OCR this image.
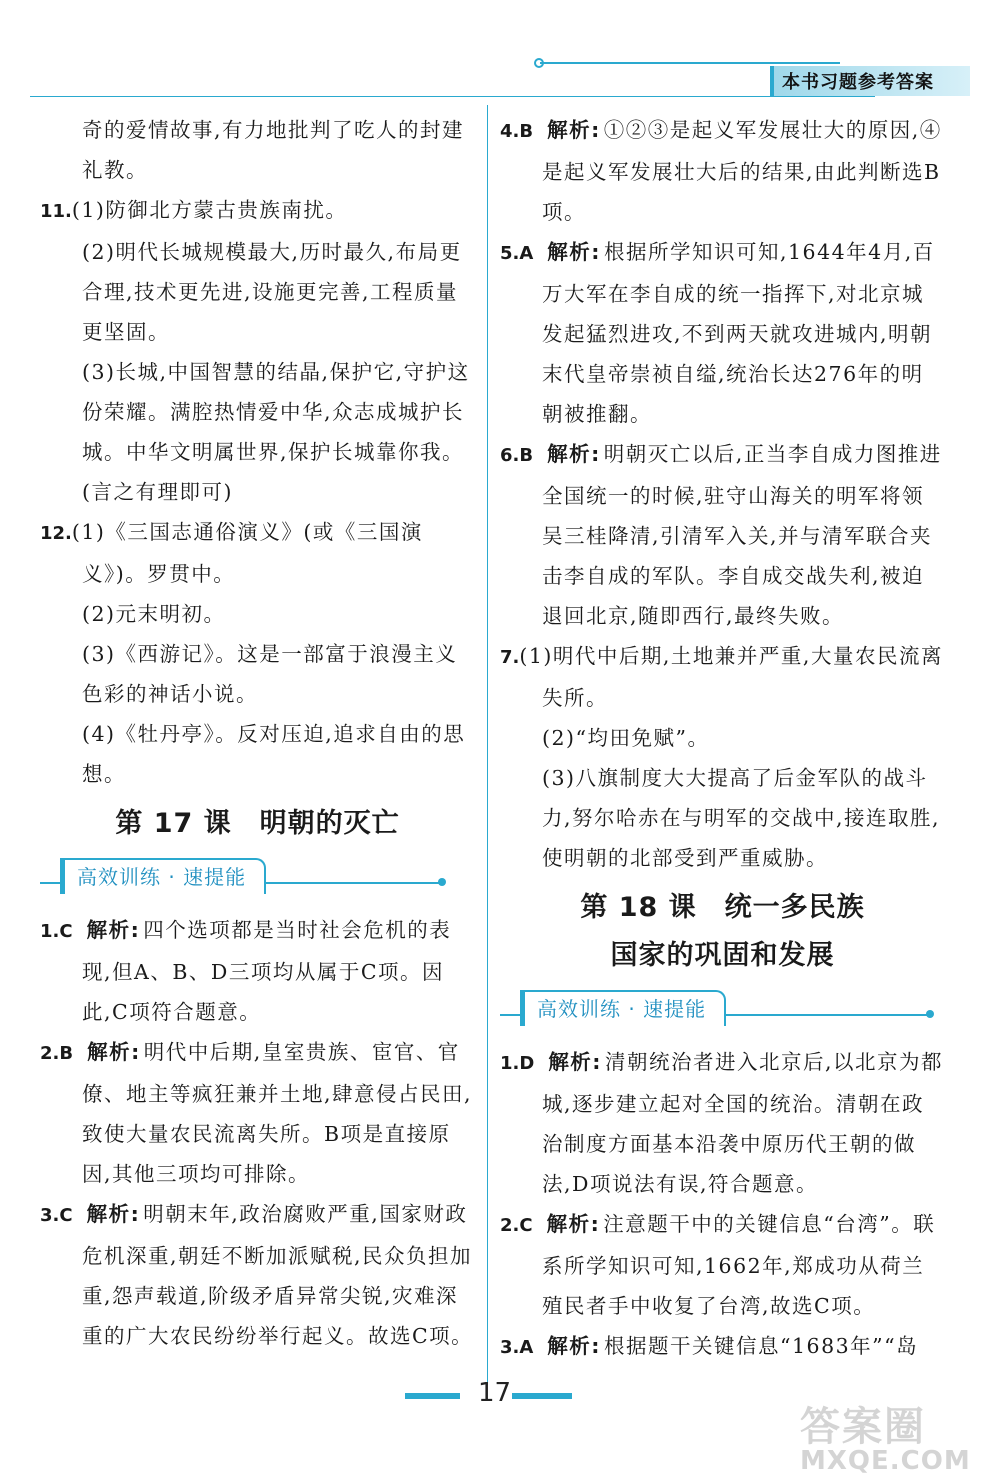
本书习题参考答案

奇的爱情故事,有力地批判了吃人的封建礼教。

11.(1)防御北方蒙古贵族南扰。

(2)明代长城规模最大,历时最久,布局更合理,技术更先进,设施更完善,工程质量更坚固。

(3)长城,中国智慧的结晶,保护它,守护这份荣耀。满腔热情爱中华,众志成城护长城。中华文明属世界,保护长城靠你我。(言之有理即可)

12.(1)《三国志通俗演义》(或《三国演义》)。罗贯中。

(2)元末明初。

(3)《西游记》。这是一部富于浪漫主义色彩的神话小说。

(4)《牡丹亭》。反对压迫,追求自由的思想。

第 17 课　明朝的灭亡
高效训练 · 速提能
1.C 解析: 四个选项都是当时社会危机的表现,但A、B、D三项均从属于C项。因此,C项符合题意。
2.B 解析: 明代中后期,皇室贵族、宦官、官僚、地主等疯狂兼并土地,肆意侵占民田,致使大量农民流离失所。B项是直接原因,其他三项均可排除。
3.C 解析: 明朝末年,政治腐败严重,国家财政危机深重,朝廷不断加派赋税,民众负担加重,怨声载道,阶级矛盾异常尖锐,灾难深重的广大农民纷纷举行起义。故选C项。
4.B 解析: ①②③是起义军发展壮大的原因,④是起义军发展壮大后的结果,由此判断选B项。
5.A 解析: 根据所学知识可知,1644年4月,百万大军在李自成的统一指挥下,对北京城发起猛烈进攻,不到两天就攻进城内,明朝末代皇帝崇祯自缢,统治长达276年的明朝被推翻。
6.B 解析: 明朝灭亡以后,正当李自成力图推进全国统一的时候,驻守山海关的明军将领吴三桂降清,引清军入关,并与清军联合夹击李自成的军队。李自成交战失利,被迫退回北京,随即西行,最终失败。
7.(1)明代中后期,土地兼并严重,大量农民流离失所。

(2)“均田免赋”。

(3)八旗制度大大提高了后金军队的战斗力,努尔哈赤在与明军的交战中,接连取胜,使明朝的北部受到严重威胁。

第 18 课　统一多民族
国家的巩固和发展
高效训练 · 速提能
1.D 解析: 清朝统治者进入北京后,以北京为都城,逐步建立起对全国的统治。清朝在政治制度方面基本沿袭中原历代王朝的做法,D项说法有误,符合题意。
2.C 解析: 注意题干中的关键信息“台湾”。联系所学知识可知,1662年,郑成功从荷兰殖民者手中收复了台湾,故选C项。
3.A 解析: 根据题干关键信息“1683年”“岛
17
答案圈
MXQE.COM
